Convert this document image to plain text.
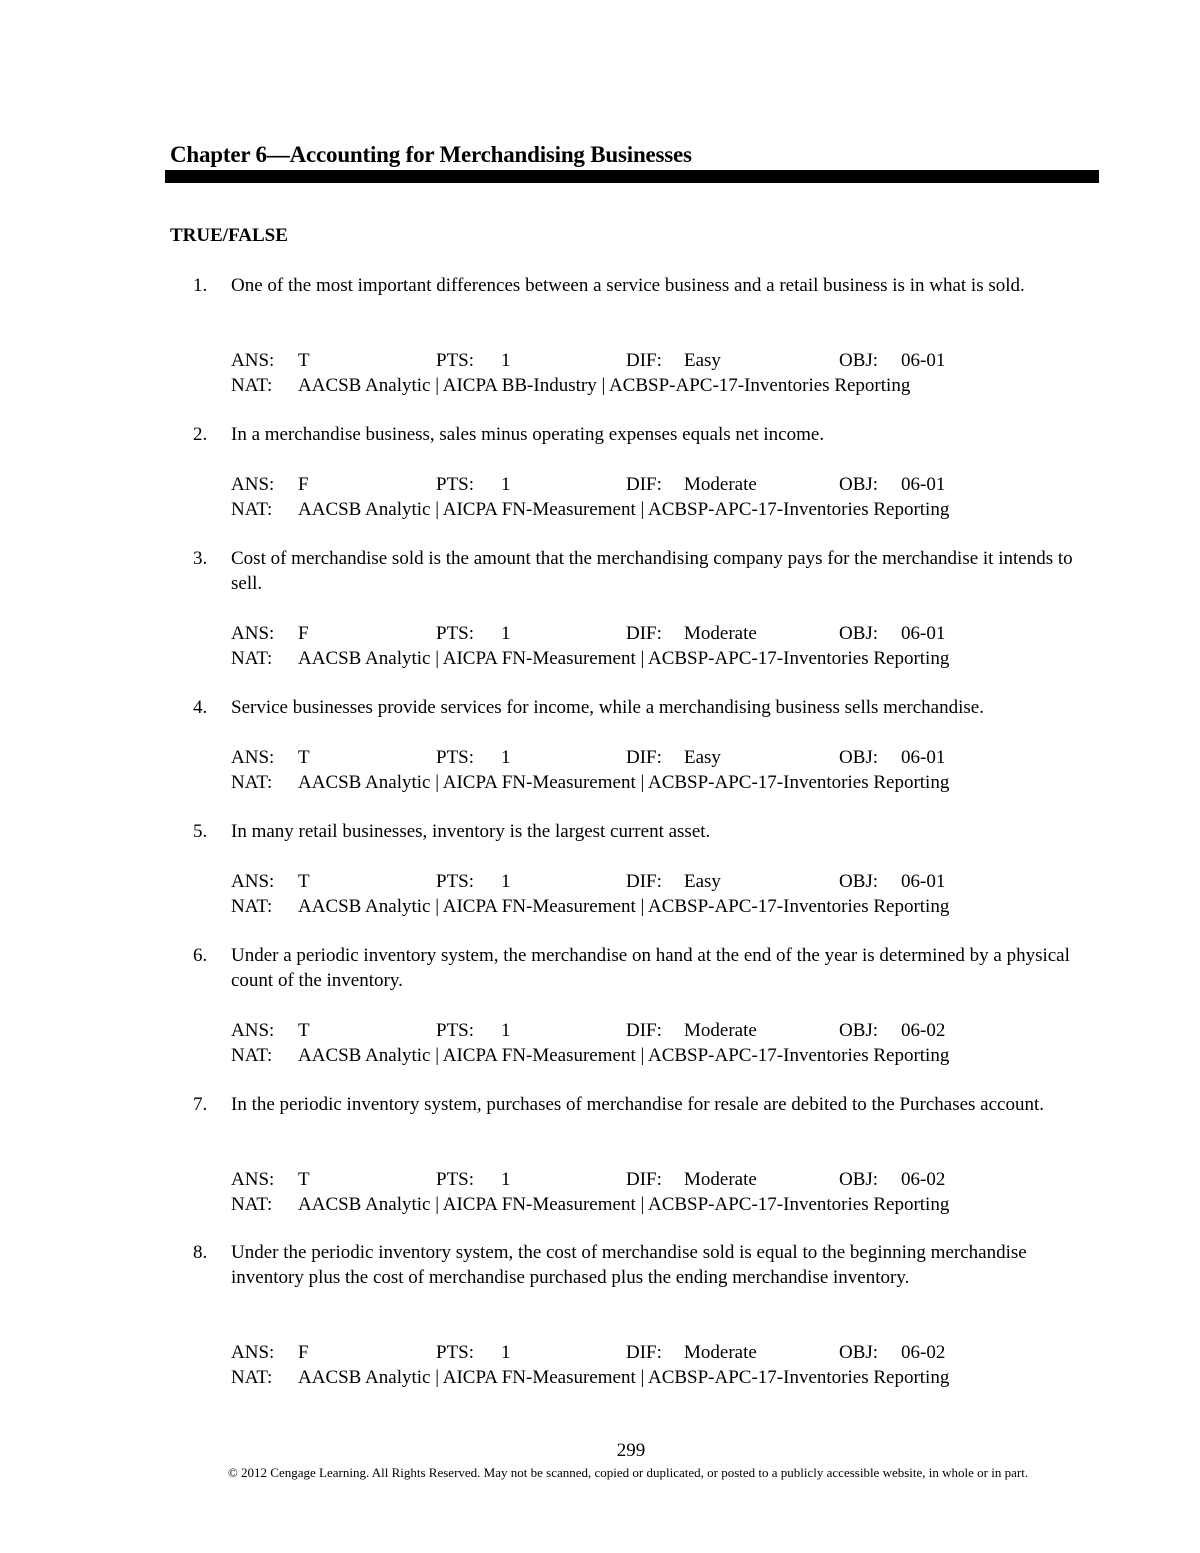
Chapter 6—Accounting for Merchandising Businesses
TRUE/FALSE
1. One of the most important differences between a service business and a retail business is in what is sold.
ANS: T	PTS: 1	DIF: Easy	OBJ: 06-01
NAT: AACSB Analytic | AICPA BB-Industry | ACBSP-APC-17-Inventories Reporting
2. In a merchandise business, sales minus operating expenses equals net income.
ANS: F	PTS: 1	DIF: Moderate	OBJ: 06-01
NAT: AACSB Analytic | AICPA FN-Measurement | ACBSP-APC-17-Inventories Reporting
3. Cost of merchandise sold is the amount that the merchandising company pays for the merchandise it intends to sell.
ANS: F	PTS: 1	DIF: Moderate	OBJ: 06-01
NAT: AACSB Analytic | AICPA FN-Measurement | ACBSP-APC-17-Inventories Reporting
4. Service businesses provide services for income, while a merchandising business sells merchandise.
ANS: T	PTS: 1	DIF: Easy	OBJ: 06-01
NAT: AACSB Analytic | AICPA FN-Measurement | ACBSP-APC-17-Inventories Reporting
5. In many retail businesses, inventory is the largest current asset.
ANS: T	PTS: 1	DIF: Easy	OBJ: 06-01
NAT: AACSB Analytic | AICPA FN-Measurement | ACBSP-APC-17-Inventories Reporting
6. Under a periodic inventory system, the merchandise on hand at the end of the year is determined by a physical count of the inventory.
ANS: T	PTS: 1	DIF: Moderate	OBJ: 06-02
NAT: AACSB Analytic | AICPA FN-Measurement | ACBSP-APC-17-Inventories Reporting
7. In the periodic inventory system, purchases of merchandise for resale are debited to the Purchases account.
ANS: T	PTS: 1	DIF: Moderate	OBJ: 06-02
NAT: AACSB Analytic | AICPA FN-Measurement | ACBSP-APC-17-Inventories Reporting
8. Under the periodic inventory system, the cost of merchandise sold is equal to the beginning merchandise inventory plus the cost of merchandise purchased plus the ending merchandise inventory.
ANS: F	PTS: 1	DIF: Moderate	OBJ: 06-02
NAT: AACSB Analytic | AICPA FN-Measurement | ACBSP-APC-17-Inventories Reporting
299
© 2012 Cengage Learning. All Rights Reserved. May not be scanned, copied or duplicated, or posted to a publicly accessible website, in whole or in part.
